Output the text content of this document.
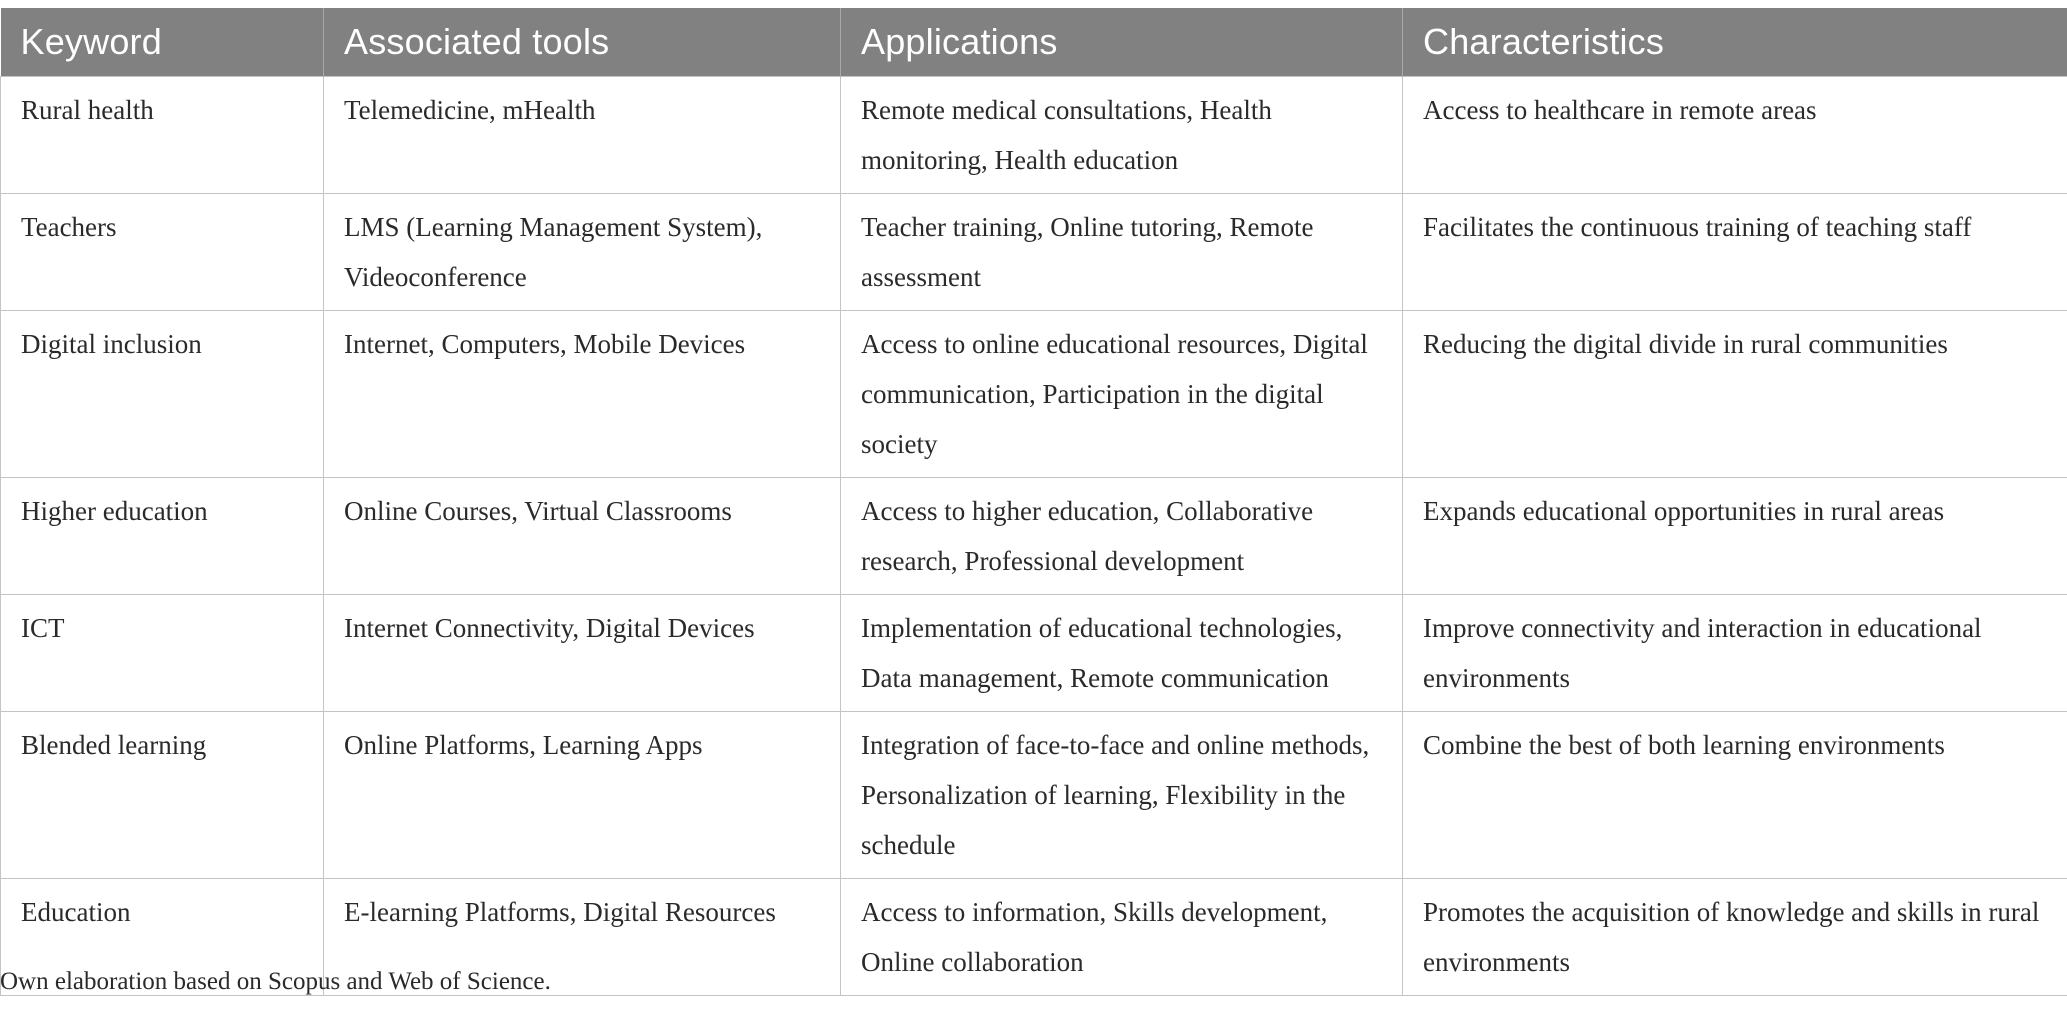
Keyword	Associated tools	Applications	Characteristics
Rural health	Telemedicine, mHealth	Remote medical consultations, Health monitoring, Health education	Access to healthcare in remote areas
Teachers	LMS (Learning Management System), Videoconference	Teacher training, Online tutoring, Remote assessment	Facilitates the continuous training of teaching staff
Digital inclusion	Internet, Computers, Mobile Devices	Access to online educational resources, Digital communication, Participation in the digital society	Reducing the digital divide in rural communities
Higher education	Online Courses, Virtual Classrooms	Access to higher education, Collaborative research, Professional development	Expands educational opportunities in rural areas
ICT	Internet Connectivity, Digital Devices	Implementation of educational technologies, Data management, Remote communication	Improve connectivity and interaction in educational environments
Blended learning	Online Platforms, Learning Apps	Integration of face-to-face and online methods, Personalization of learning, Flexibility in the schedule	Combine the best of both learning environments
Education	E-learning Platforms, Digital Resources	Access to information, Skills development, Online collaboration	Promotes the acquisition of knowledge and skills in rural environments
Own elaboration based on Scopus and Web of Science.
